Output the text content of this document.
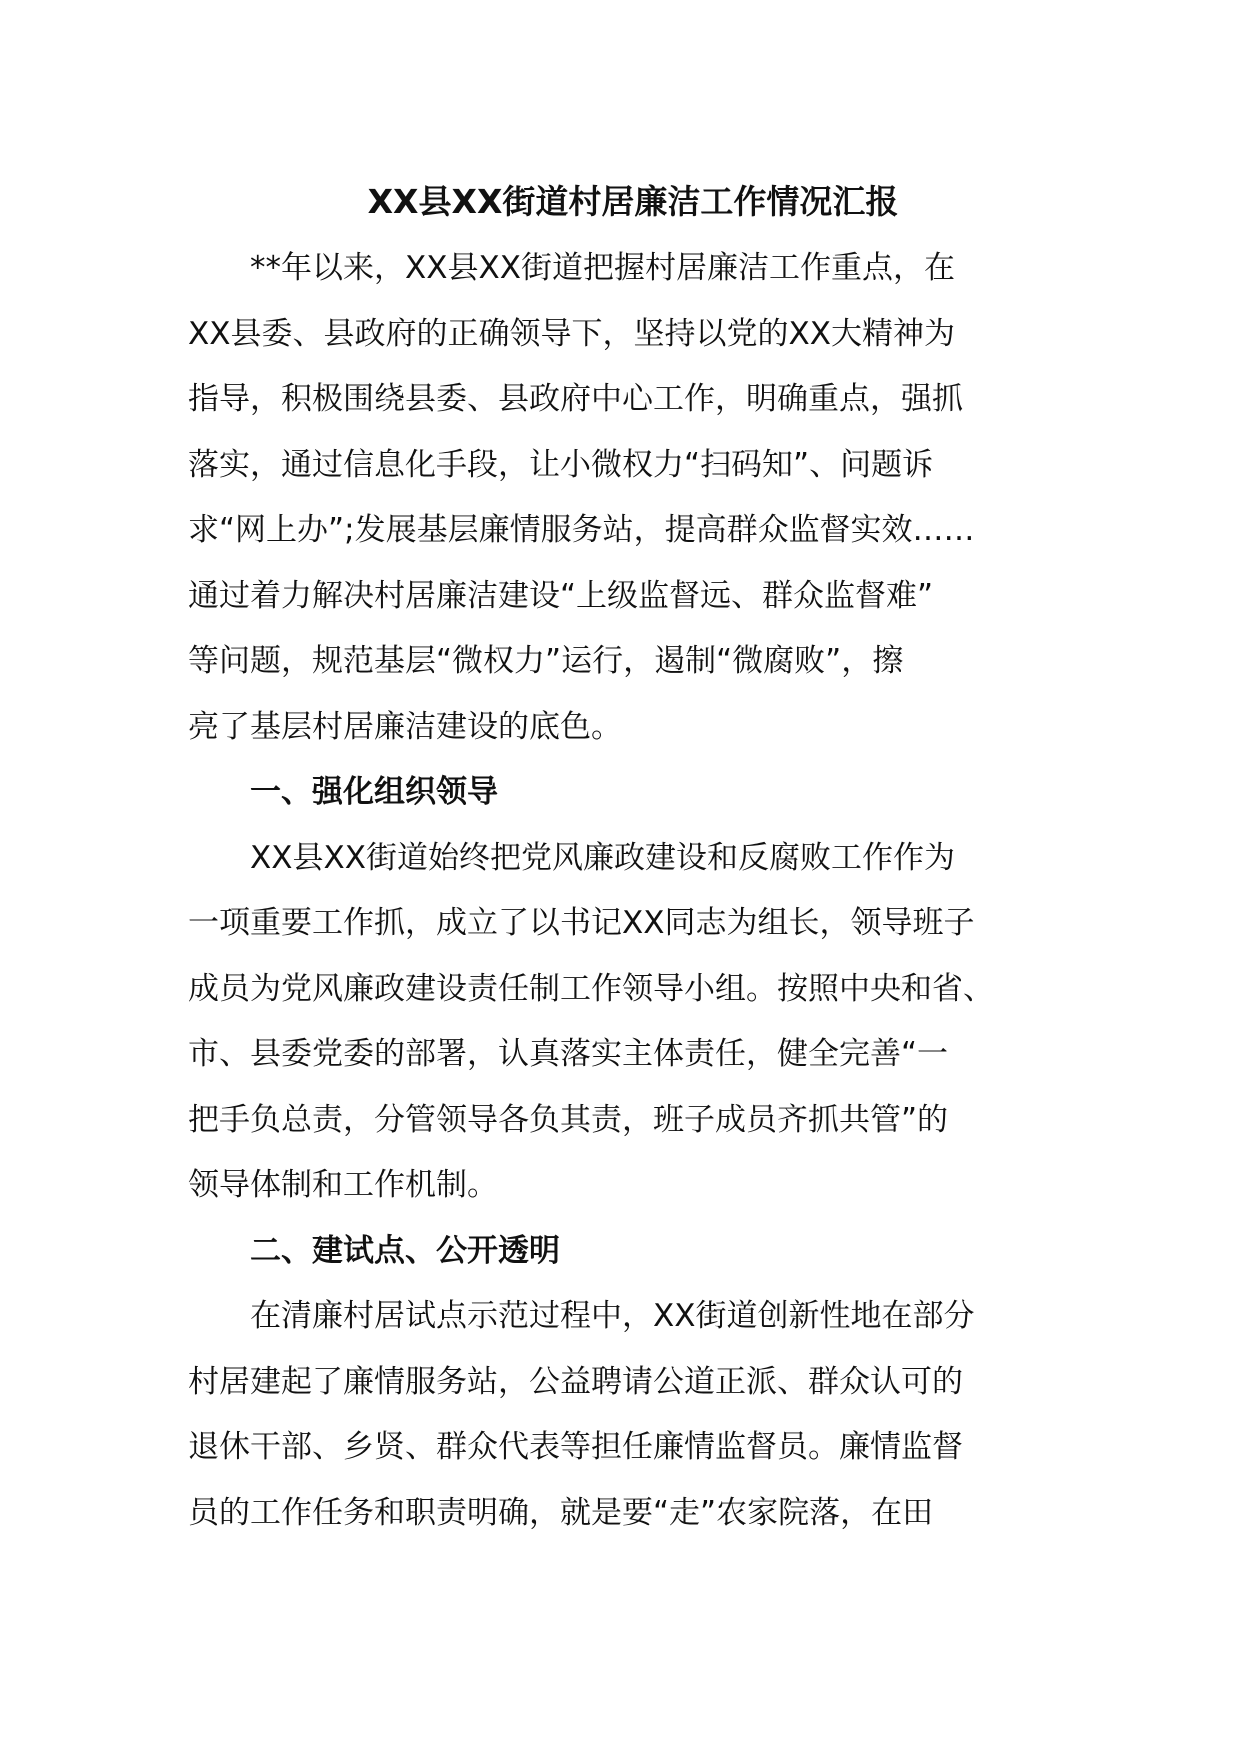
XX县XX街道村居廉洁工作情况汇报
**年以来，XX县XX街道把握村居廉洁工作重点，在
XX县委、县政府的正确领导下，坚持以党的XX大精神为
指导，积极围绕县委、县政府中心工作，明确重点，强抓
落实，通过信息化手段，让小微权力“扫码知”、问题诉
求“网上办”;发展基层廉情服务站，提高群众监督实效……
通过着力解决村居廉洁建设“上级监督远、群众监督难”
等问题，规范基层“微权力”运行，遏制“微腐败”，擦
亮了基层村居廉洁建设的底色。
一、强化组织领导
XX县XX街道始终把党风廉政建设和反腐败工作作为
一项重要工作抓，成立了以书记XX同志为组长，领导班子
成员为党风廉政建设责任制工作领导小组。按照中央和省、
市、县委党委的部署，认真落实主体责任，健全完善“一
把手负总责，分管领导各负其责，班子成员齐抓共管”的
领导体制和工作机制。
二、建试点、公开透明
在清廉村居试点示范过程中，XX街道创新性地在部分
村居建起了廉情服务站，公益聘请公道正派、群众认可的
退休干部、乡贤、群众代表等担任廉情监督员。廉情监督
员的工作任务和职责明确，就是要“走”农家院落，在田
